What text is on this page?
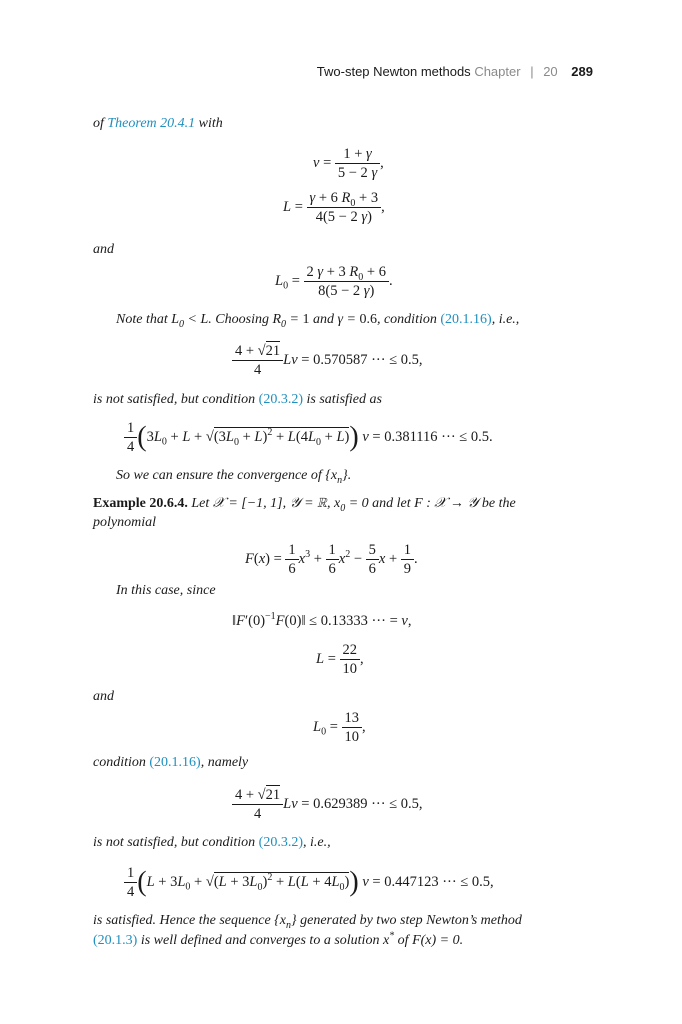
Two-step Newton methods Chapter | 20 289
of Theorem 20.4.1 with
$v = \frac{1 + \gamma}{5 - 2 \gamma}$ ,
$L = \frac{\gamma + 6 R_0 + 3}{4(5 - 2 \gamma)}$ ,
and
$L_0 = \frac{2 \gamma + 3 R_0 + 6}{8(5 - 2 \gamma)}$ .
Note that $L_0 < L$. Choosing $R_0 = 1$ and γ = 0.6, condition (20.1.16), i.e.,
$\frac{4 + √21}{4}$ Lv = 0.570587 ··· ≤ 0.5,
is not satisfied, but condition (20.3.2) is satisfied as
$\frac{1}{4} (3L_0 + L + √(3L_0 + L)^2 + L(4L_0 + L)) v = 0.381116$ ··· ≤ 0.5.
So we can ensure the convergence of $\{x_n\}$.
Example 20.6.4. Let 𝒳 = [−1, 1], 𝒴 = ℝ, $x_0 = 0$ and let F : 𝒳 → 𝒴 be the
polynomial
$F(x) = \frac{1}{6} x^3 + \frac{1}{6} x^2 - \frac{5}{6}$ $x + \frac{1}{9}$ .
In this case, since
$‖F'(0)^{-1}F(0)‖ \le 0.13333$ ··· = v,
$L = \frac{22}{10}$ ,
and
$L_0 = \frac{13}{10}$ ,
condition (20.1.16), namely
$\frac{4 + √21}{4}$ Lv = 0.629389 ··· ≤ 0.5,
is not satisfied, but condition (20.3.2), i.e.,
$\frac{1}{4} (L + 3L_0 + √(L + 3L_0)^2 + L(L + 4L_0)) v = 0.447123$ ··· ≤ 0.5,
is satisfied. Hence the sequence $\{x_n\}$ generated by two step Newton’s method
(20.1.3) is well defined and converges to a solution x* of F(x) = 0.
